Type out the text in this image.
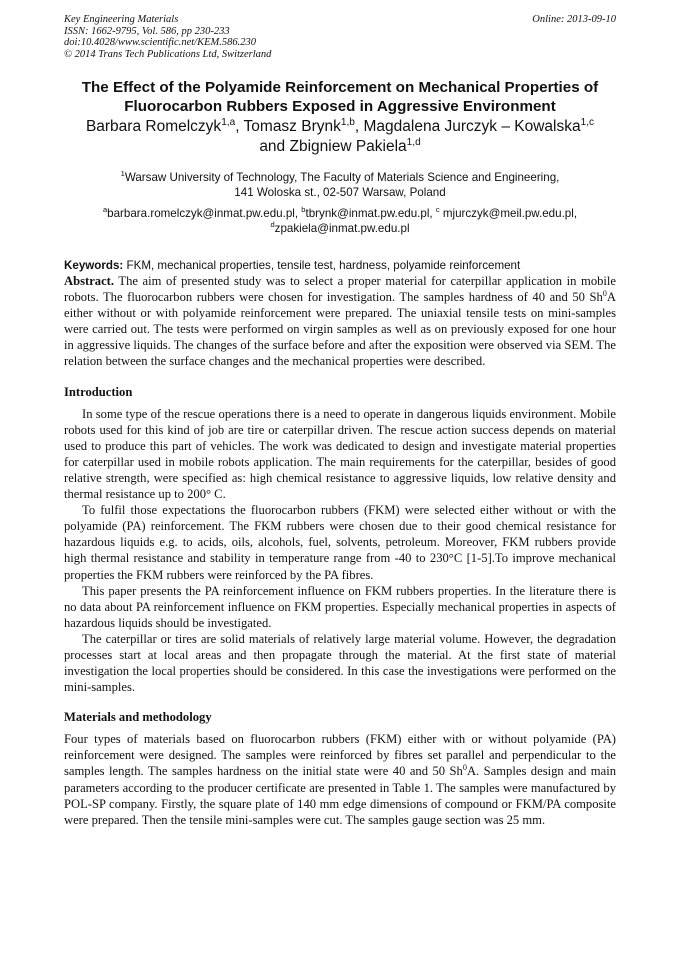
Key Engineering Materials
ISSN: 1662-9795, Vol. 586, pp 230-233
doi:10.4028/www.scientific.net/KEM.586.230
© 2014 Trans Tech Publications Ltd, Switzerland
Online: 2013-09-10
The Effect of the Polyamide Reinforcement on Mechanical Properties of Fluorocarbon Rubbers Exposed in Aggressive Environment
Barbara Romelczyk$^{1,a}$, Tomasz Brynk$^{1,b}$, Magdalena Jurczyk – Kowalska$^{1,c}$
and Zbigniew Pakiela$^{1,d}$
$^1$Warsaw University of Technology, The Faculty of Materials Science and Engineering,
141 Woloska st., 02-507 Warsaw, Poland
$^a$barbara.romelczyk@inmat.pw.edu.pl, $^b$tbrynk@inmat.pw.edu.pl, $^c$ mjurczyk@meil.pw.edu.pl,
$^d$zpakiela@inmat.pw.edu.pl
Keywords: FKM, mechanical properties, tensile test, hardness, polyamide reinforcement

Abstract. The aim of presented study was to select a proper material for caterpillar application in mobile robots. The fluorocarbon rubbers were chosen for investigation. The samples hardness of 40 and 50 Sh$^0$A either without or with polyamide reinforcement were prepared. The uniaxial tensile tests on mini-samples were carried out. The tests were performed on virgin samples as well as on previously exposed for one hour in aggressive liquids. The changes of the surface before and after the exposition were observed via SEM. The relation between the surface changes and the mechanical properties were described.

Introduction

In some type of the rescue operations there is a need to operate in dangerous liquids environment. Mobile robots used for this kind of job are tire or caterpillar driven. The rescue action success depends on material used to produce this part of vehicles. The work was dedicated to design and investigate material properties for caterpillar used in mobile robots application. The main requirements for the caterpillar, besides of good relative strength, were specified as: high chemical resistance to aggressive liquids, low relative density and thermal resistance up to 200° C.

To fulfil those expectations the fluorocarbon rubbers (FKM) were selected either without or with the polyamide (PA) reinforcement. The FKM rubbers were chosen due to their good chemical resistance for hazardous liquids e.g. to acids, oils, alcohols, fuel, solvents, petroleum. Moreover, FKM rubbers provide high thermal resistance and stability in temperature range from -40 to 230°C [1-5].To improve mechanical properties the FKM rubbers were reinforced by the PA fibres.

This paper presents the PA reinforcement influence on FKM rubbers properties. In the literature there is no data about PA reinforcement influence on FKM properties. Especially mechanical properties in aspects of hazardous liquids should be investigated.

The caterpillar or tires are solid materials of relatively large material volume. However, the degradation processes start at local areas and then propagate through the material. At the first state of material investigation the local properties should be considered. In this case the investigations were performed on the mini-samples.

Materials and methodology

Four types of materials based on fluorocarbon rubbers (FKM) either with or without polyamide (PA) reinforcement were designed. The samples were reinforced by fibres set parallel and perpendicular to the samples length. The samples hardness on the initial state were 40 and 50 Sh$^0$A. Samples design and main parameters according to the producer certificate are presented in Table 1. The samples were manufactured by POL-SP company. Firstly, the square plate of 140 mm edge dimensions of compound or FKM/PA composite were prepared. Then the tensile mini-samples were cut. The samples gauge section was 25 mm.
